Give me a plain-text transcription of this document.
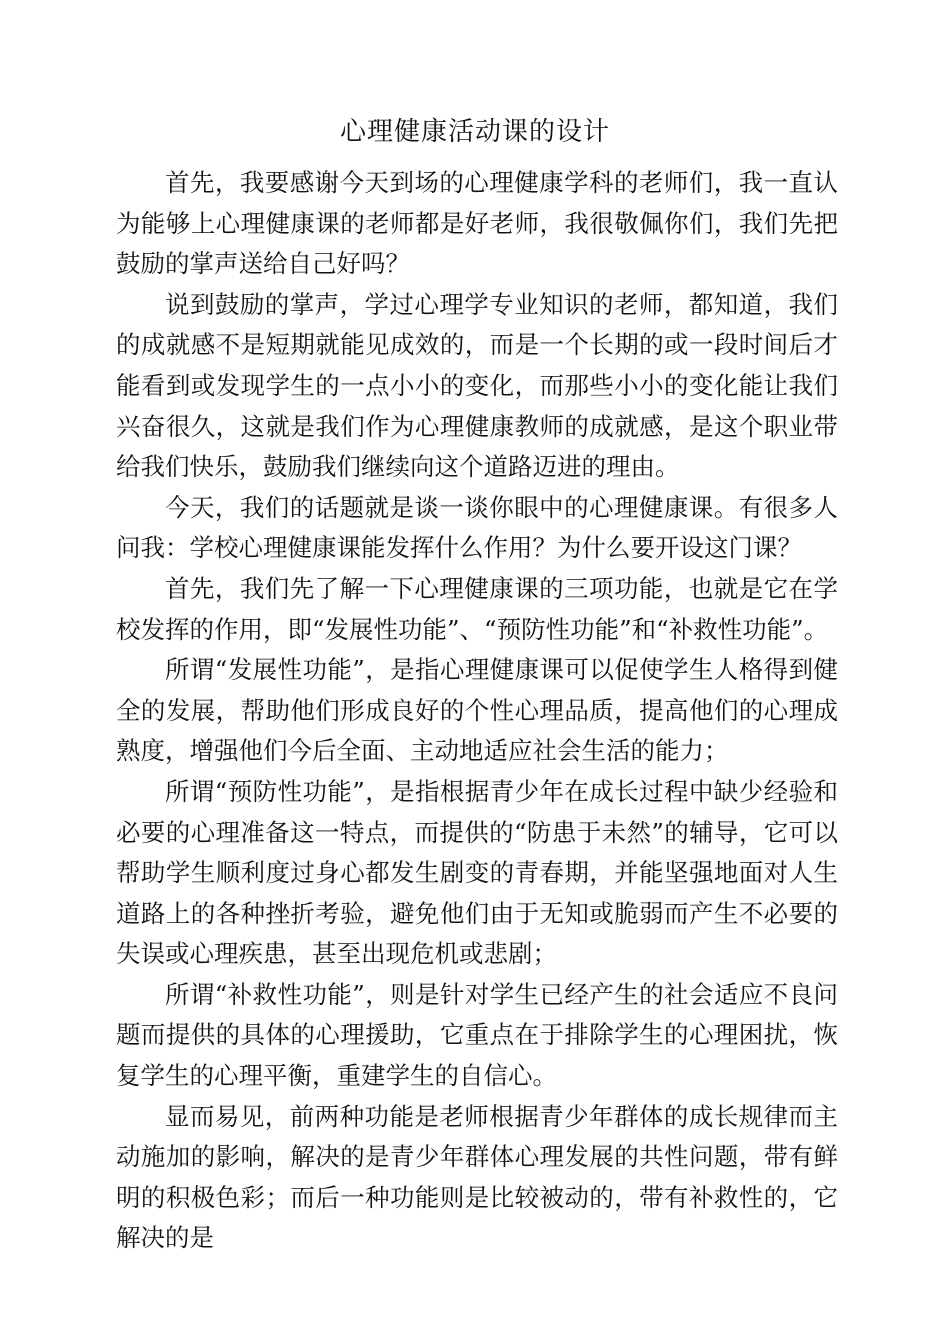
心理健康活动课的设计

首先，我要感谢今天到场的心理健康学科的老师们，我一直认为能够上心理健康课的老师都是好老师，我很敬佩你们，我们先把鼓励的掌声送给自己好吗？

说到鼓励的掌声，学过心理学专业知识的老师，都知道，我们的成就感不是短期就能见成效的，而是一个长期的或一段时间后才能看到或发现学生的一点小小的变化，而那些小小的变化能让我们兴奋很久，这就是我们作为心理健康教师的成就感，是这个职业带给我们快乐，鼓励我们继续向这个道路迈进的理由。

今天，我们的话题就是谈一谈你眼中的心理健康课。有很多人问我：学校心理健康课能发挥什么作用？为什么要开设这门课？

首先，我们先了解一下心理健康课的三项功能，也就是它在学校发挥的作用，即“发展性功能”、“预防性功能”和“补救性功能”。

所谓“发展性功能”，是指心理健康课可以促使学生人格得到健全的发展，帮助他们形成良好的个性心理品质，提高他们的心理成熟度，增强他们今后全面、主动地适应社会生活的能力；

所谓“预防性功能”，是指根据青少年在成长过程中缺少经验和必要的心理准备这一特点，而提供的“防患于未然”的辅导，它可以帮助学生顺利度过身心都发生剧变的青春期，并能坚强地面对人生道路上的各种挫折考验，避免他们由于无知或脆弱而产生不必要的失误或心理疾患，甚至出现危机或悲剧；

所谓“补救性功能”，则是针对学生已经产生的社会适应不良问题而提供的具体的心理援助，它重点在于排除学生的心理困扰，恢复学生的心理平衡，重建学生的自信心。

显而易见，前两种功能是老师根据青少年群体的成长规律而主动施加的影响，解决的是青少年群体心理发展的共性问题，带有鲜明的积极色彩；而后一种功能则是比较被动的，带有补救性的，它解决的是
